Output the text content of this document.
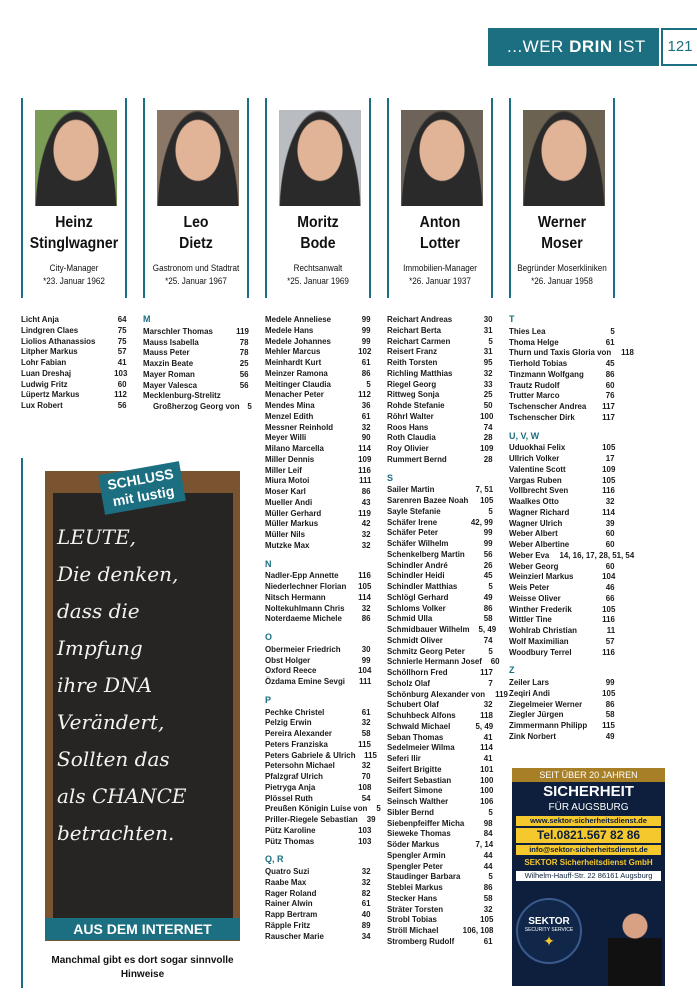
...WER DRIN IST	121
Heinz
Stinglwagner
City-Manager
*23. Januar 1962
Leo
Dietz
Gastronom und Stadtrat
*25. Januar 1967
Moritz
Bode
Rechtsanwalt
*25. Januar 1969
Anton
Lotter
Immobilien-Manager
*26. Januar 1937
Werner
Moser
Begründer Moserkliniken
*26. Januar 1958
Licht Anja	64
Lindgren Claes	75
Liolios Athanassios	75
Litpher Markus	57
Lohr Fabian	41
Luan Dreshaj	103
Ludwig Fritz	60
Lüpertz Markus	112
Lux Robert	56
M
Marschler Thomas	119
Mauss Isabella	78
Mauss Peter	78
Maxzin Beate	25
Mayer Roman	56
Mayer Valesca	56
Mecklenburg-Strelitz
Großherzog Georg von 5
Medele Anneliese	99
Medele Hans	99
Medele Johannes	99
Mehler Marcus	102
Meinhardt Kurt	61
Meinzer Ramona	86
Meitinger Claudia	5
Menacher Peter	112
Mendes Mina	36
Menzel Edith	61
Messner Reinhold	32
Meyer Willi	90
Milano Marcella	114
Miller Dennis	109
Miller Leif	116
Miura Motoi	111
Moser Karl	86
Mueller Andi	43
Müller Gerhard	119
Müller Markus	42
Müller Nils	32
Mutzke Max	32
N
Nadler-Epp Annette 116
Niederlechner Florian 105
Nitsch Hermann	114
Noltekuhlmann Chris 32
Noterdaeme Michele 86
O
Obermeier Friedrich	30
Obst Holger	99
Oxford Reece	104
Özdama Emine Sevgi 111
P
Pechke Christel	61
Pelzig Erwin	32
Pereira Alexander	58
Peters Franziska	115
Peters Gabriele & Ulrich 115
Petersohn Michael	32
Pfalzgraf Ulrich	70
Pietryga Anja	108
Plössel Ruth	54
Preußen Königin Luise von 5
Priller-Riegele Sebastian 39
Pütz Karoline	103
Pütz Thomas	103
Q, R
Quatro Suzi	32
Raabe Max	32
Rager Roland	82
Rainer Alwin	61
Rapp Bertram	40
Räpple Fritz	89
Rauscher Marie	34
Reichart Andreas	30
Reichart Berta	31
Reichart Carmen	5
Reisert Franz	31
Reith Torsten	95
Richling Matthias	32
Riegel Georg	33
Rittweg Sonja	25
Rohde Stefanie	50
Röhrl Walter	100
Roos Hans	74
Roth Claudia	28
Roy Olivier	109
Rummert Bernd	28
S
Sailer Martin	7, 51
Sarenren Bazee Noah 105
Sayle Stefanie	5
Schäfer Irene	42, 99
Schäfer Peter	99
Schäfer Wilhelm	99
Schenkelberg Martin 56
Schindler André	26
Schindler Heidi	45
Schindler Matthias	5
Schlögl Gerhard	49
Schloms Volker	86
Schmid Ulla	58
Schmidbauer Wilhelm 5, 49
Schmidt Oliver	74
Schmitz Georg Peter	5
Schnierle Hermann Josef 60
Schöllhorn Fred	117
Scholz Olaf	7
Schönburg Alexander von 119
Schubert Olaf	32
Schuhbeck Alfons	118
Schwald Michael	5, 49
Seban Thomas	41
Sedelmeier Wilma	114
Seferi Ilir	41
Seifert Brigitte	101
Seifert Sebastian	100
Seifert Simone	100
Seinsch Walther	106
Sibler Bernd	5
Siebenpfeiffer Micha 98
Sieweke Thomas	84
Söder Markus	7, 14
Spengler Armin	44
Spengler Peter	44
Staudinger Barbara	5
Steblei Markus	86
Stecker Hans	58
Sträter Torsten	32
Strobl Tobias	105
Ströll Michael	106, 108
Stromberg Rudolf	61
T
Thies Lea	5
Thoma Helge	61
Thurn und Taxis Gloria von 118
Tierhold Tobias	45
Tinzmann Wolfgang	86
Trautz Rudolf	60
Trutter Marco	76
Tschenscher Andrea 117
Tschenscher Dirk	117
U, V, W
Uduokhai Felix	105
Ullrich Volker	17
Valentine Scott	109
Vargas Ruben	105
Vollbrecht Sven	116
Waalkes Otto	32
Wagner Richard	114
Wagner Ulrich	39
Weber Albert	60
Weber Albertine	60
Weber Eva 14, 16, 17, 28, 51, 54
Weber Georg	60
Weinzierl Markus	104
Weis Peter	46
Weisse Oliver	66
Winther Frederik	105
Wittler Tine	116
Wohlrab Christian	11
Wolf Maximilian	57
Woodbury Terrel	116
Z
Zeiler Lars	99
Zeqiri Andi	105
Ziegelmeier Werner	86
Ziegler Jürgen	58
Zimmermann Philipp 115
Zink Norbert	49
LEUTE,
Die denken,
dass die
Impfung
ihre DNA
Verändert,
Sollten das
als CHANCE
betrachten.
SCHLUSS mit lustig
AUS DEM INTERNET
Manchmal gibt es dort sogar sinnvolle Hinweise
SEIT ÜBER 20 JAHREN
SICHERHEIT
FÜR AUGSBURG
www.sektor-sicherheitsdienst.de
Tel.0821.567 82 86
info@sektor-sicherheitsdienst.de
SEKTOR Sicherheitsdienst GmbH
Wilhelm-Hauff-Str. 22 86161 Augsburg
SEKTOR
SECURITY SERVICE
✦
